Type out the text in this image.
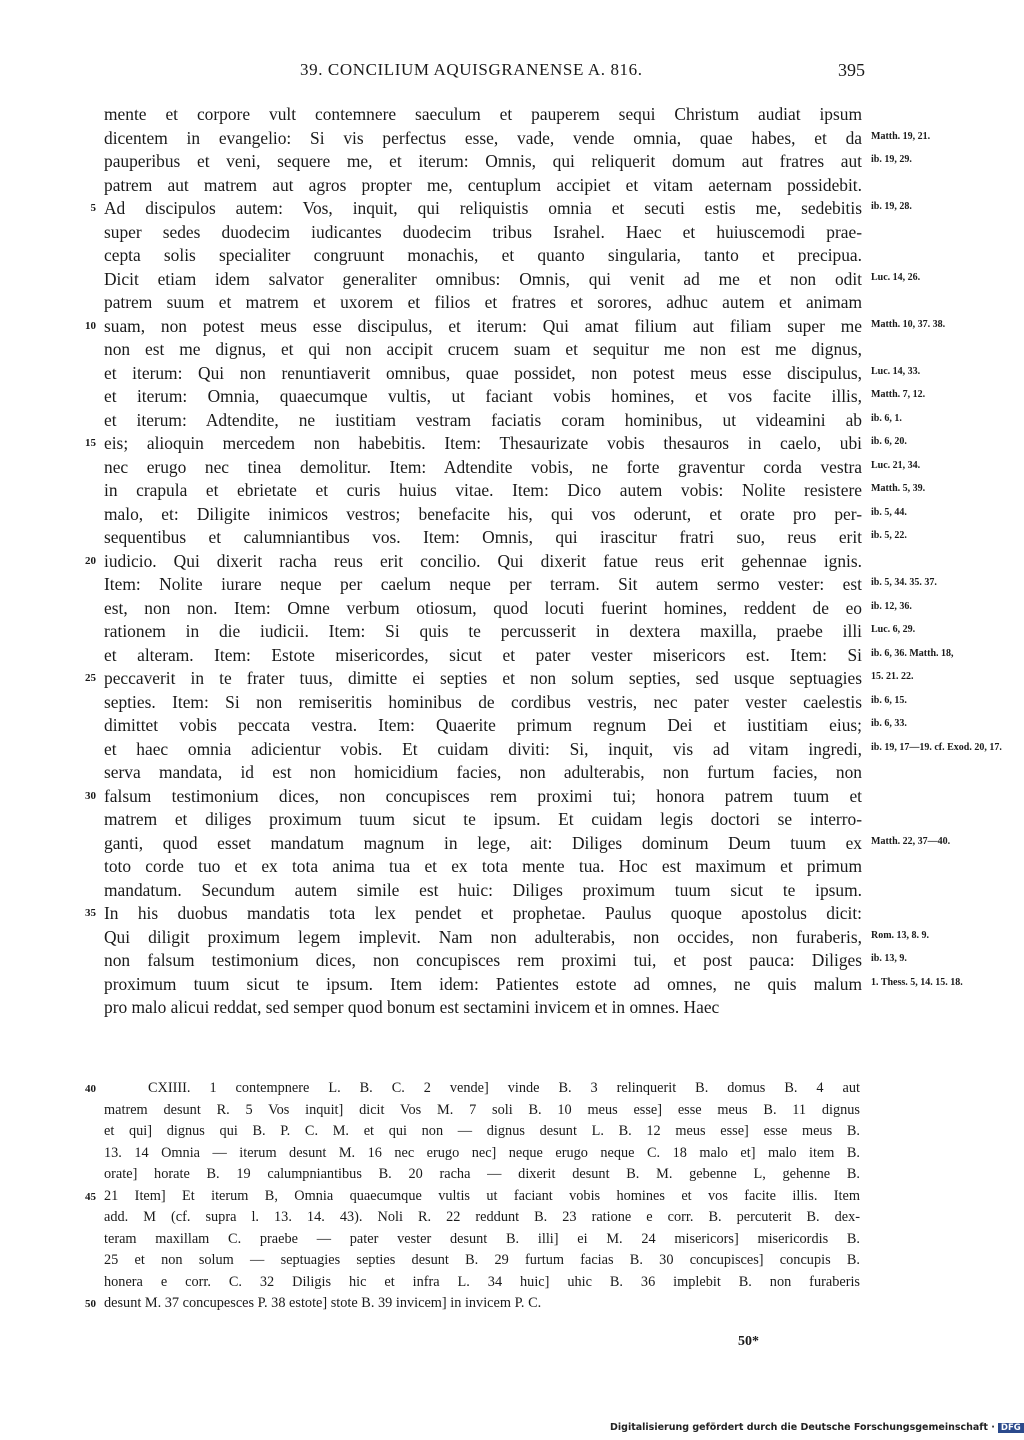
39. CONCILIUM AQUISGRANENSE A. 816.	395
mente et corpore vult contemnere saeculum et pauperem sequi Christum audiat ipsum
dicentem in evangelio: Si vis perfectus esse, vade, vende omnia, quae habes, et da Matth. 19, 21.
pauperibus et veni, sequere me, et iterum: Omnis, qui reliquerit domum aut fratres aut ib. 19, 29.
patrem aut matrem aut agros propter me, centuplum accipiet et vitam aeternam possidebit.
5 Ad discipulos autem: Vos, inquit, qui reliquistis omnia et secuti estis me, sedebitis ib. 19, 28.
super sedes duodecim iudicantes duodecim tribus Israhel. Haec et huiuscemodi prae-
cepta solis specialiter congruunt monachis, et quanto singularia, tanto et precipua.
Dicit etiam idem salvator generaliter omnibus: Omnis, qui venit ad me et non odit Luc. 14, 26.
patrem suum et matrem et uxorem et filios et fratres et sorores, adhuc autem et animam
10 suam, non potest meus esse discipulus, et iterum: Qui amat filium aut filiam super me Matth. 10, 37. 38.
non est me dignus, et qui non accipit crucem suam et sequitur me non est me dignus,
et iterum: Qui non renuntiaverit omnibus, quae possidet, non potest meus esse discipulus, Luc. 14, 33.
et iterum: Omnia, quaecumque vultis, ut faciant vobis homines, et vos facite illis, Matth. 7, 12.
et iterum: Adtendite, ne iustitiam vestram faciatis coram hominibus, ut videamini ab ib. 6, 1.
15 eis; alioquin mercedem non habebitis. Item: Thesaurizate vobis thesauros in caelo, ubi ib. 6, 20.
nec erugo nec tinea demolitur. Item: Adtendite vobis, ne forte graventur corda vestra Luc. 21, 34.
in crapula et ebrietate et curis huius vitae. Item: Dico autem vobis: Nolite resistere Matth. 5, 39.
malo, et: Diligite inimicos vestros; benefacite his, qui vos oderunt, et orate pro per- ib. 5, 44.
sequentibus et calumniantibus vos. Item: Omnis, qui irascitur fratri suo, reus erit ib. 5, 22.
20 iudicio. Qui dixerit racha reus erit concilio. Qui dixerit fatue reus erit gehennae ignis.
Item: Nolite iurare neque per caelum neque per terram. Sit autem sermo vester: est ib. 5, 34. 35. 37.
est, non non. Item: Omne verbum otiosum, quod locuti fuerint homines, reddent de eo ib. 12, 36.
rationem in die iudicii. Item: Si quis te percusserit in dextera maxilla, praebe illi Luc. 6, 29.
et alteram. Item: Estote misericordes, sicut et pater vester misericors est. Item: Si ib. 6, 36. Matth. 18,
25 peccaverit in te frater tuus, dimitte ei septies et non solum septies, sed usque septuagies 15. 21. 22.
septies. Item: Si non remiseritis hominibus de cordibus vestris, nec pater vester caelestis ib. 6, 15.
dimittet vobis peccata vestra. Item: Quaerite primum regnum Dei et iustitiam eius; ib. 6, 33.
et haec omnia adicientur vobis. Et cuidam diviti: Si, inquit, vis ad vitam ingredi, ib. 19, 17—19. cf. Exod. 20, 17.
serva mandata, id est non homicidium facies, non adulterabis, non furtum facies, non
30 falsum testimonium dices, non concupisces rem proximi tui; honora patrem tuum et
matrem et diliges proximum tuum sicut te ipsum. Et cuidam legis doctori se interro-
ganti, quod esset mandatum magnum in lege, ait: Diliges dominum Deum tuum ex Matth. 22, 37—40.
toto corde tuo et ex tota anima tua et ex tota mente tua. Hoc est maximum et primum
mandatum. Secundum autem simile est huic: Diliges proximum tuum sicut te ipsum.
35 In his duobus mandatis tota lex pendet et prophetae. Paulus quoque apostolus dicit:
Qui diligit proximum legem implevit. Nam non adulterabis, non occides, non furaberis, Rom. 13, 8. 9.
non falsum testimonium dices, non concupisces rem proximi tui, et post pauca: Diliges ib. 13, 9.
proximum tuum sicut te ipsum. Item idem: Patientes estote ad omnes, ne quis malum 1. Thess. 5, 14. 15. 18.
pro malo alicui reddat, sed semper quod bonum est sectamini invicem et in omnes. Haec
40	CXIIII. 1 contempnere L. B. C. 2 vende] vinde B. 3 relinquerit B. domus B. 4 aut
matrem desunt R. 5 Vos inquit] dicit Vos M. 7 soli B. 10 meus esse] esse meus B. 11 dignus
et qui] dignus qui B. P. C. M. et qui non — dignus desunt L. B. 12 meus esse] esse meus B.
13. 14 Omnia — iterum desunt M. 16 nec erugo nec] neque erugo neque C. 18 malo et] malo item B.
orate] horate B. 19 calumpniantibus B. 20 racha — dixerit desunt B. M. gebenne L, gehenne B.
45 21 Item] Et iterum B, Omnia quaecumque vultis ut faciant vobis homines et vos facite illis. Item
add. M (cf. supra l. 13. 14. 43). Noli R. 22 reddunt B. 23 ratione e corr. B. percuterit B. dex-
teram maxillam C. praebe — pater vester desunt B. illi] ei M. 24 misericors] misericordis B.
25 et non solum — septuagies septies desunt B. 29 furtum facias B. 30 concupisces] concupis B.
honera e corr. C. 32 Diligis hic et infra L. 34 huic] uhic B. 36 implebit B. non furaberis
50 desunt M. 37 concupesces P. 38 estote] stote B. 39 invicem] in invicem P. C.
50*
Digitalisierung gefördert durch die Deutsche Forschungsgemeinschaft · DFG
